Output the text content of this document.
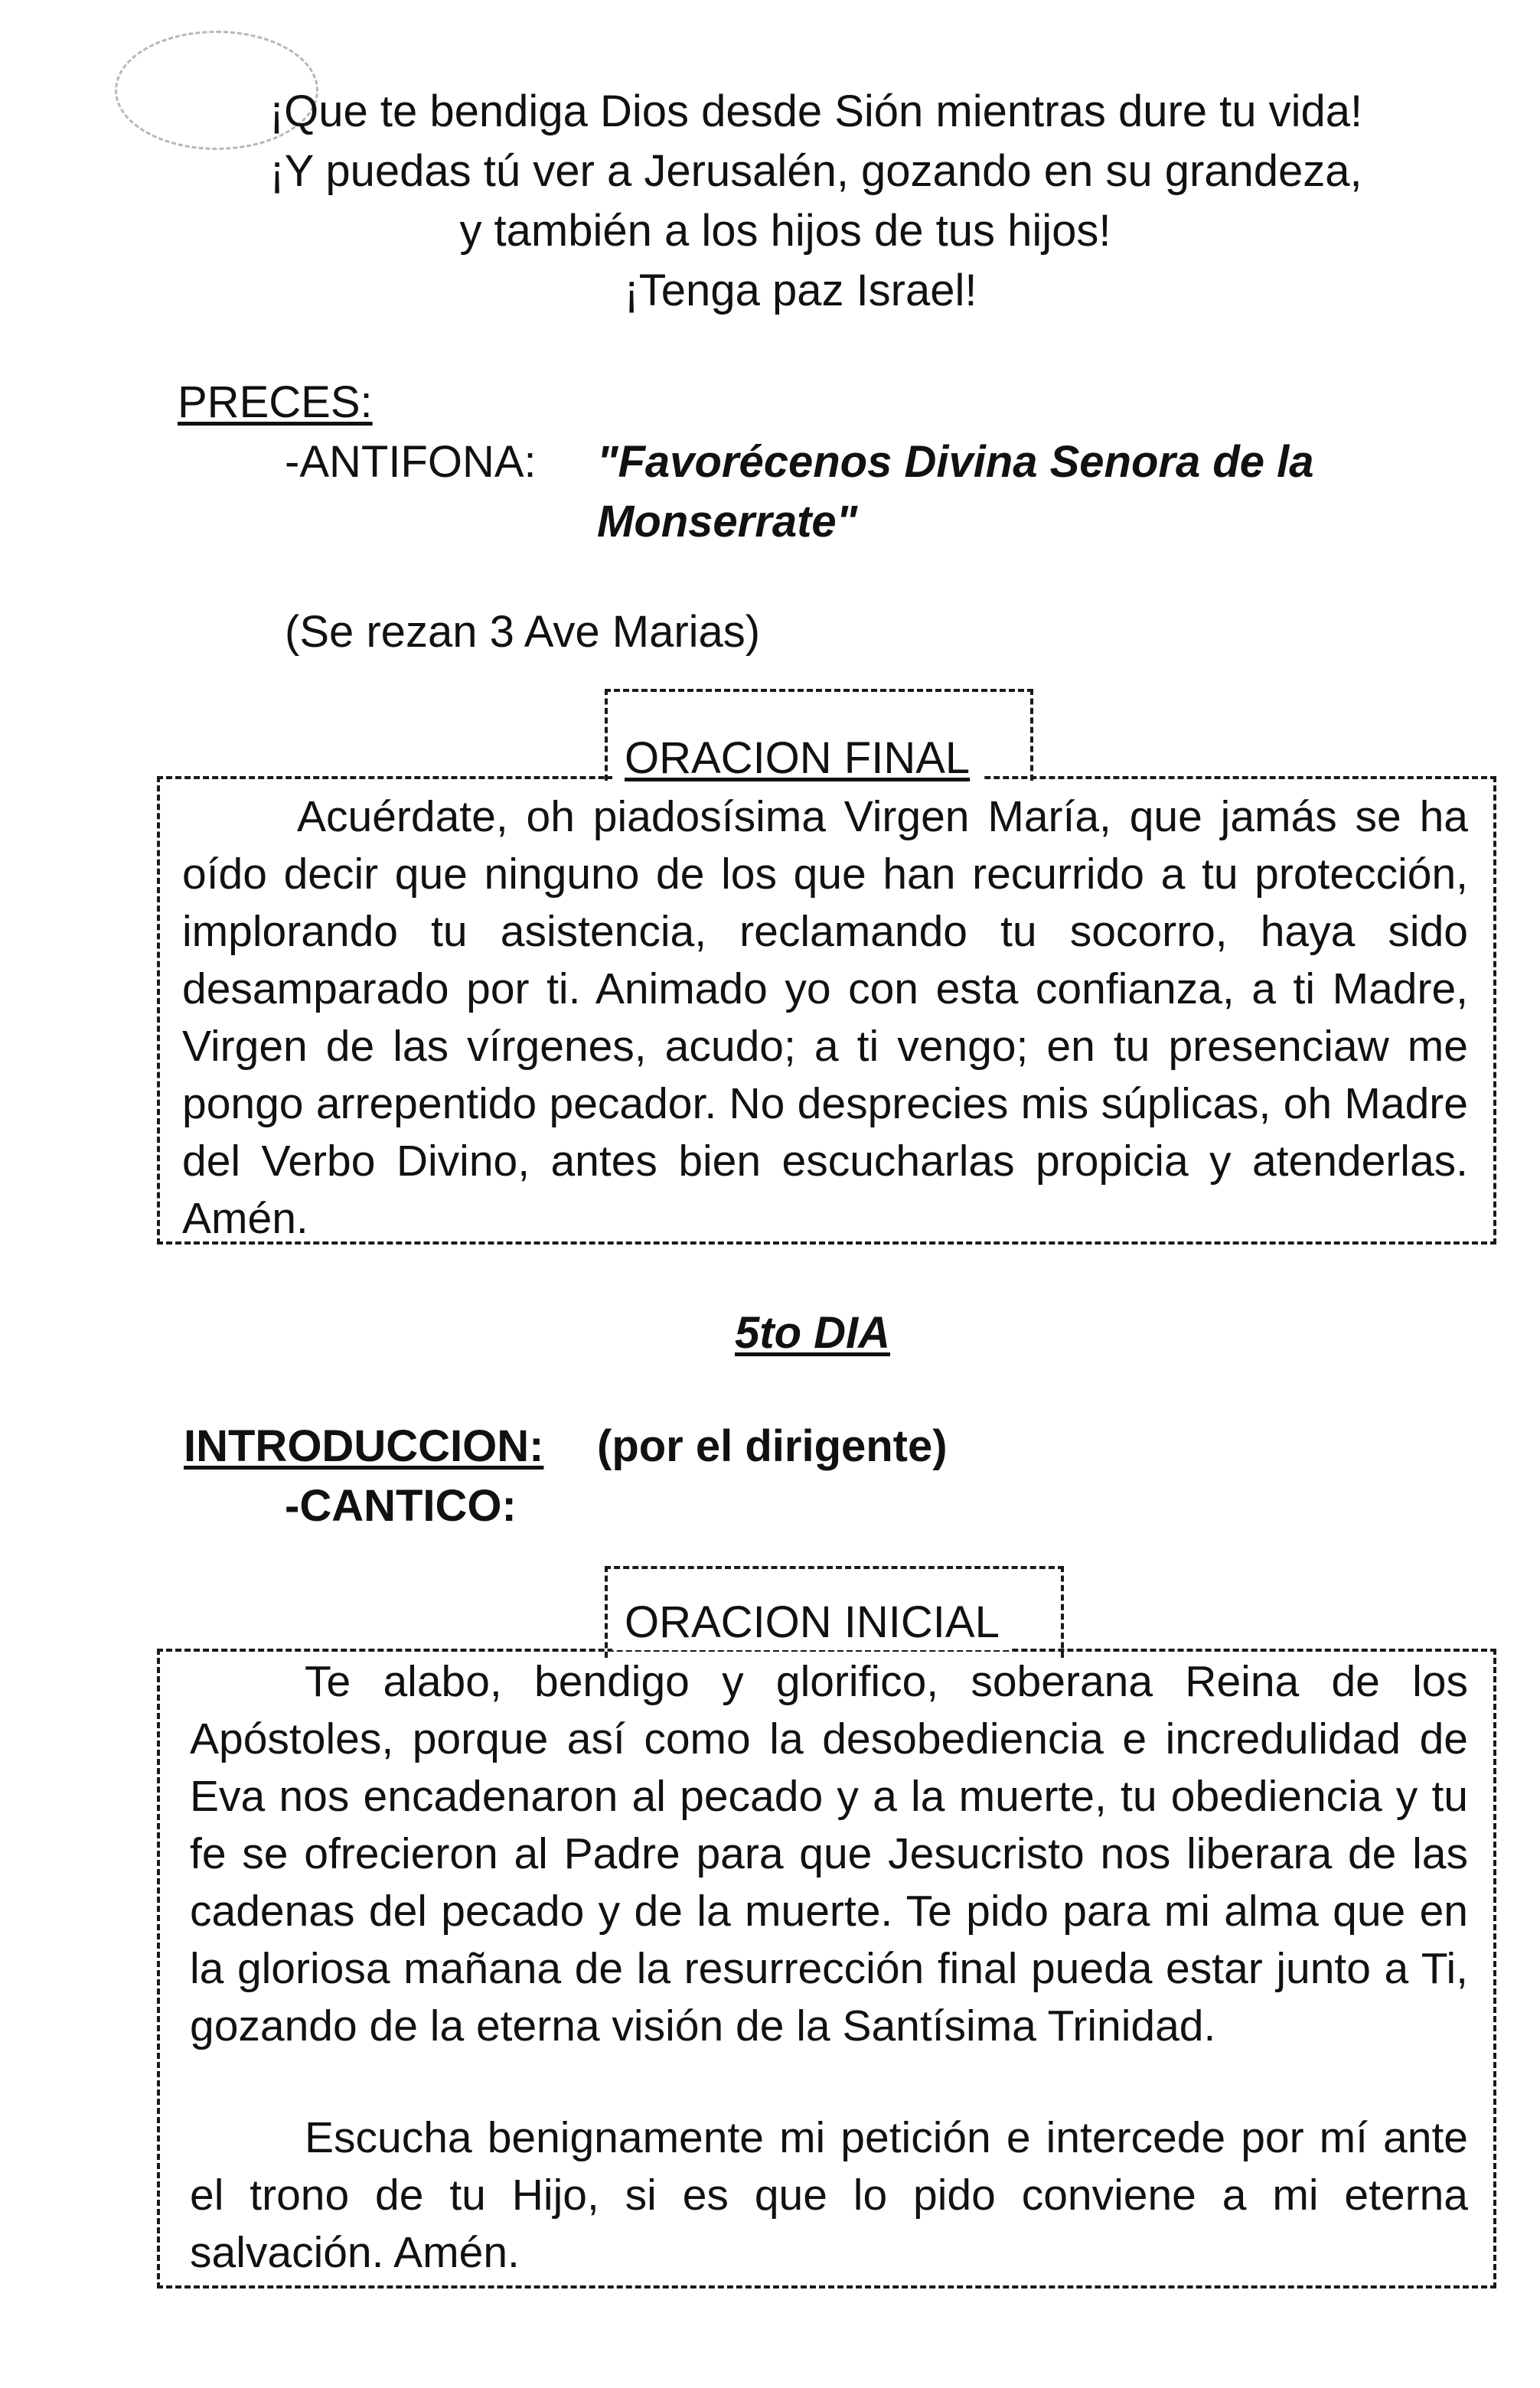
¡Que te bendiga Dios desde Sión mientras dure tu vida!
¡Y puedas tú ver a Jerusalén, gozando en su grandeza,
y también a los hijos de tus hijos!
¡Tenga paz Israel!
PRECES:
-ANTIFONA: "Favorécenos Divina Senora de la
Monserrate"
(Se rezan 3 Ave Marias)
ORACION FINAL
Acuérdate, oh piadosísima Virgen María, que jamás se ha oído decir que ninguno de los que han recurrido a tu protección, implorando tu asistencia, reclamando tu socorro, haya sido desamparado por ti. Animado yo con esta confianza, a ti Madre, Virgen de las vírgenes, acudo; a ti vengo; en tu presenciaw me pongo arrepentido pecador. No desprecies mis súplicas, oh Madre del Verbo Divino, antes bien escucharlas propicia y atenderlas. Amén.
5to DIA
INTRODUCCION: (por el dirigente)
-CANTICO:
ORACION INICIAL
Te alabo, bendigo y glorifico, soberana Reina de los Apóstoles, porque así como la desobediencia e incredulidad de Eva nos encadenaron al pecado y a la muerte, tu obediencia y tu fe se ofrecieron al Padre para que Jesucristo nos liberara de las cadenas del pecado y de la muerte. Te pido para mi alma que en la gloriosa mañana de la resurrección final pueda estar junto a Ti, gozando de la eterna visión de la Santísima Trinidad.
Escucha benignamente mi petición e intercede por mí ante el trono de tu Hijo, si es que lo pido conviene a mi eterna salvación. Amén.
